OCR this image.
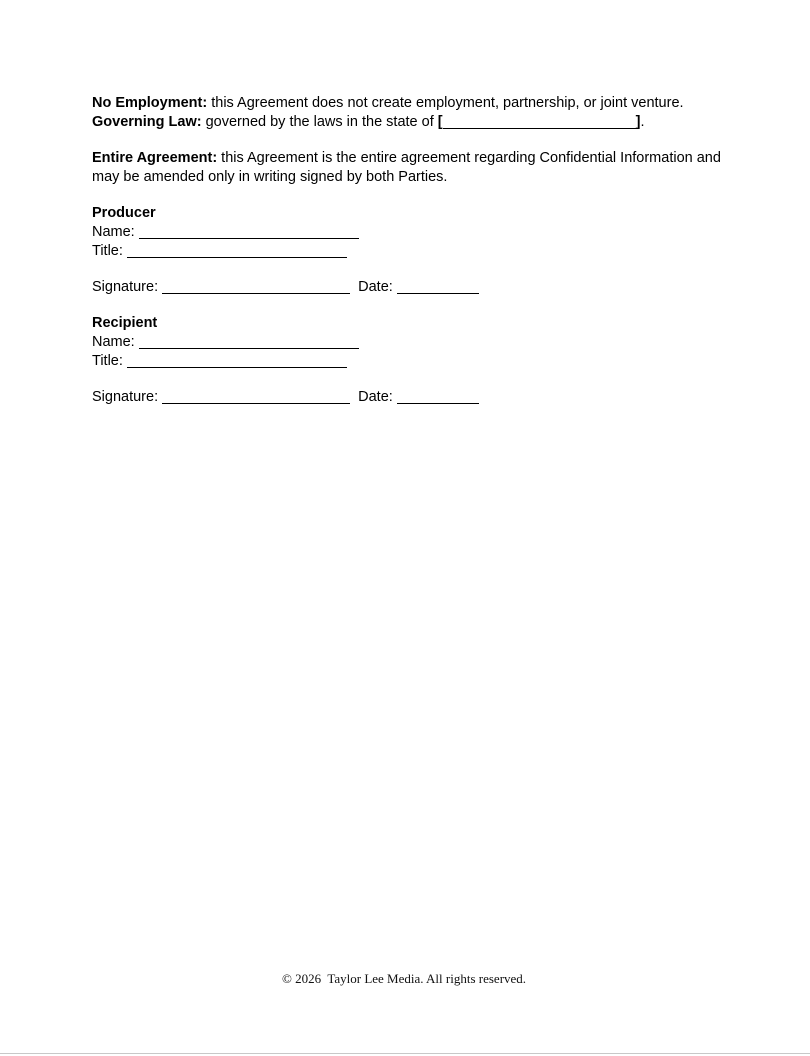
No Employment: this Agreement does not create employment, partnership, or joint venture.

Governing Law: governed by the laws in the state of [	].

Entire Agreement: this Agreement is the entire agreement regarding Confidential Information and may be amended only in writing signed by both Parties.

Producer
Name:
Title:
Signature:	Date:
Recipient
Name:
Title:
Signature:	Date:
© 2026  Taylor Lee Media. All rights reserved.
